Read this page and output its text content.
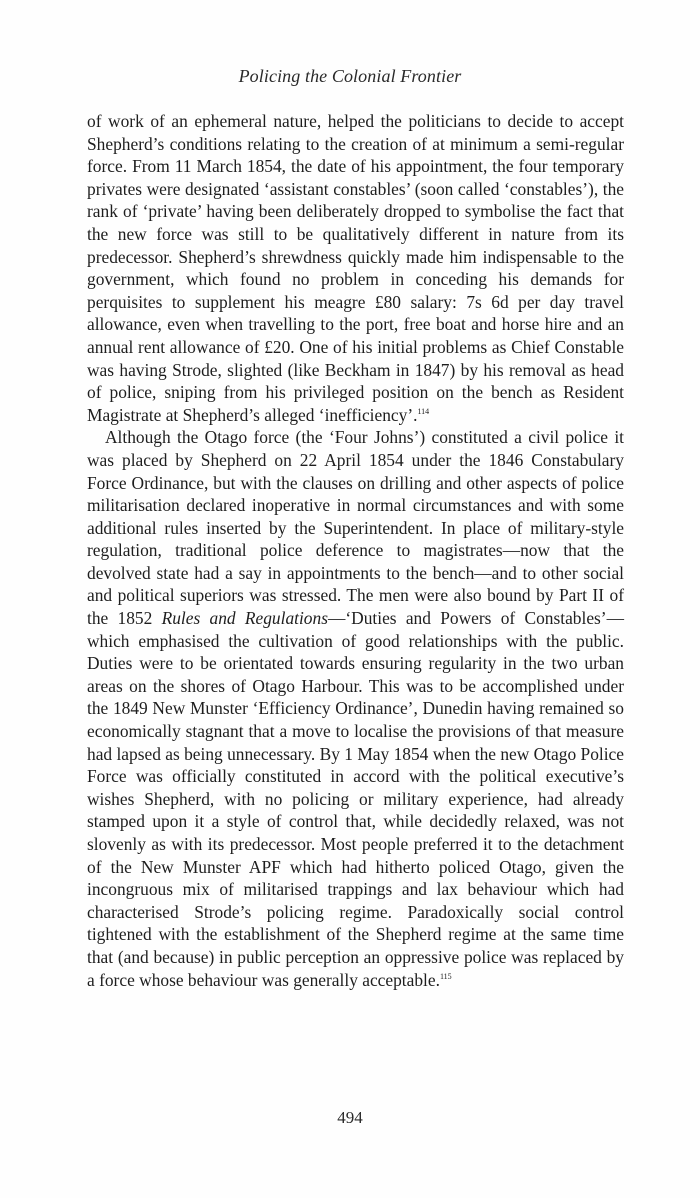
Policing the Colonial Frontier

of work of an ephemeral nature, helped the politicians to decide to accept Shepherd’s conditions relating to the creation of at minimum a semi-regular force. From 11 March 1854, the date of his appointment, the four temporary privates were designated ‘assistant constables’ (soon called ‘constables’), the rank of ‘private’ having been deliberately dropped to symbolise the fact that the new force was still to be qualitatively different in nature from its predecessor. Shepherd’s shrewdness quickly made him indispensable to the government, which found no problem in conceding his demands for perquisites to supplement his meagre £80 salary: 7s 6d per day travel allowance, even when travelling to the port, free boat and horse hire and an annual rent allowance of £20. One of his initial problems as Chief Constable was having Strode, slighted (like Beckham in 1847) by his removal as head of police, sniping from his privileged position on the bench as Resident Magistrate at Shepherd’s alleged ‘inefficiency’.$^{114}$

Although the Otago force (the ‘Four Johns’) constituted a civil police it was placed by Shepherd on 22 April 1854 under the 1846 Constabulary Force Ordinance, but with the clauses on drilling and other aspects of police militarisation declared inoperative in normal circumstances and with some additional rules inserted by the Superintendent. In place of military-style regulation, traditional police deference to magistrates—now that the devolved state had a say in appointments to the bench—and to other social and political superiors was stressed. The men were also bound by Part II of the 1852 Rules and Regulations—‘Duties and Powers of Constables’—which emphasised the cultivation of good relationships with the public. Duties were to be orientated towards ensuring regularity in the two urban areas on the shores of Otago Harbour. This was to be accomplished under the 1849 New Munster ‘Efficiency Ordinance’, Dunedin having remained so economically stagnant that a move to localise the provisions of that measure had lapsed as being unnecessary. By 1 May 1854 when the new Otago Police Force was officially constituted in accord with the political executive’s wishes Shepherd, with no policing or military experience, had already stamped upon it a style of control that, while decidedly relaxed, was not slovenly as with its predecessor. Most people preferred it to the detachment of the New Munster APF which had hitherto policed Otago, given the incongruous mix of militarised trappings and lax behaviour which had characterised Strode’s policing regime. Paradoxically social control tightened with the establishment of the Shepherd regime at the same time that (and because) in public perception an oppressive police was replaced by a force whose behaviour was generally acceptable.$^{115}$

494
